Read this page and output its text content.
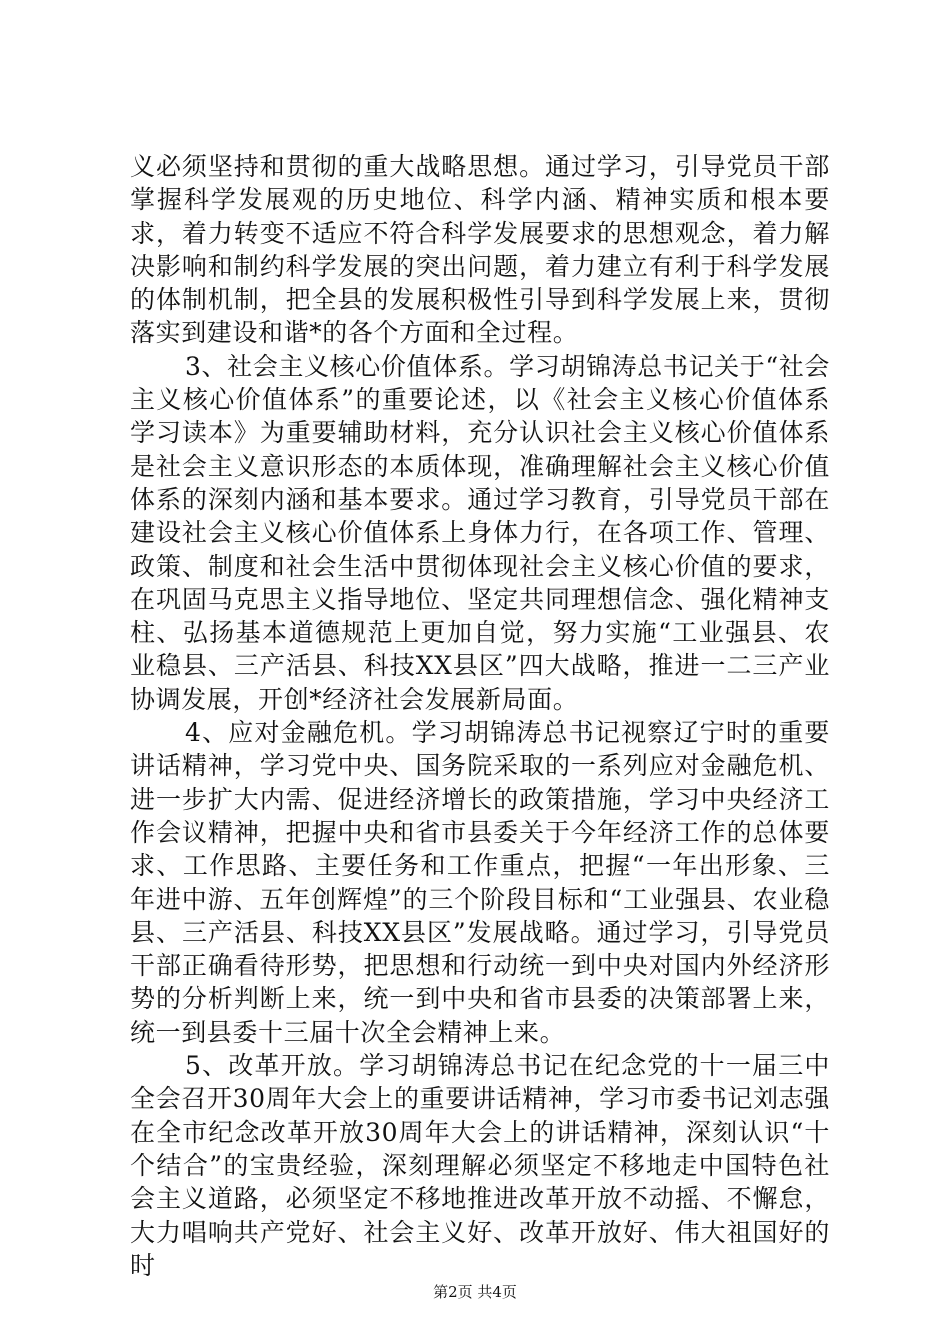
义必须坚持和贯彻的重大战略思想。通过学习，引导党员干部掌握科学发展观的历史地位、科学内涵、精神实质和根本要求，着力转变不适应不符合科学发展要求的思想观念，着力解决影响和制约科学发展的突出问题，着力建立有利于科学发展的体制机制，把全县的发展积极性引导到科学发展上来，贯彻落实到建设和谐*的各个方面和全过程。

3、社会主义核心价值体系。学习胡锦涛总书记关于“社会主义核心价值体系”的重要论述，以《社会主义核心价值体系学习读本》为重要辅助材料，充分认识社会主义核心价值体系是社会主义意识形态的本质体现，准确理解社会主义核心价值体系的深刻内涵和基本要求。通过学习教育，引导党员干部在建设社会主义核心价值体系上身体力行，在各项工作、管理、政策、制度和社会生活中贯彻体现社会主义核心价值的要求，在巩固马克思主义指导地位、坚定共同理想信念、强化精神支柱、弘扬基本道德规范上更加自觉，努力实施“工业强县、农业稳县、三产活县、科技XX县区”四大战略，推进一二三产业协调发展，开创*经济社会发展新局面。

4、应对金融危机。学习胡锦涛总书记视察辽宁时的重要讲话精神，学习党中央、国务院采取的一系列应对金融危机、进一步扩大内需、促进经济增长的政策措施，学习中央经济工作会议精神，把握中央和省市县委关于今年经济工作的总体要求、工作思路、主要任务和工作重点，把握“一年出形象、三年进中游、五年创辉煌”的三个阶段目标和“工业强县、农业稳县、三产活县、科技XX县区”发展战略。通过学习，引导党员干部正确看待形势，把思想和行动统一到中央对国内外经济形势的分析判断上来，统一到中央和省市县委的决策部署上来，统一到县委十三届十次全会精神上来。

5、改革开放。学习胡锦涛总书记在纪念党的十一届三中全会召开30周年大会上的重要讲话精神，学习市委书记刘志强在全市纪念改革开放30周年大会上的讲话精神，深刻认识“十个结合”的宝贵经验，深刻理解必须坚定不移地走中国特色社会主义道路，必须坚定不移地推进改革开放不动摇、不懈怠，大力唱响共产党好、社会主义好、改革开放好、伟大祖国好的时

第2页 共4页
